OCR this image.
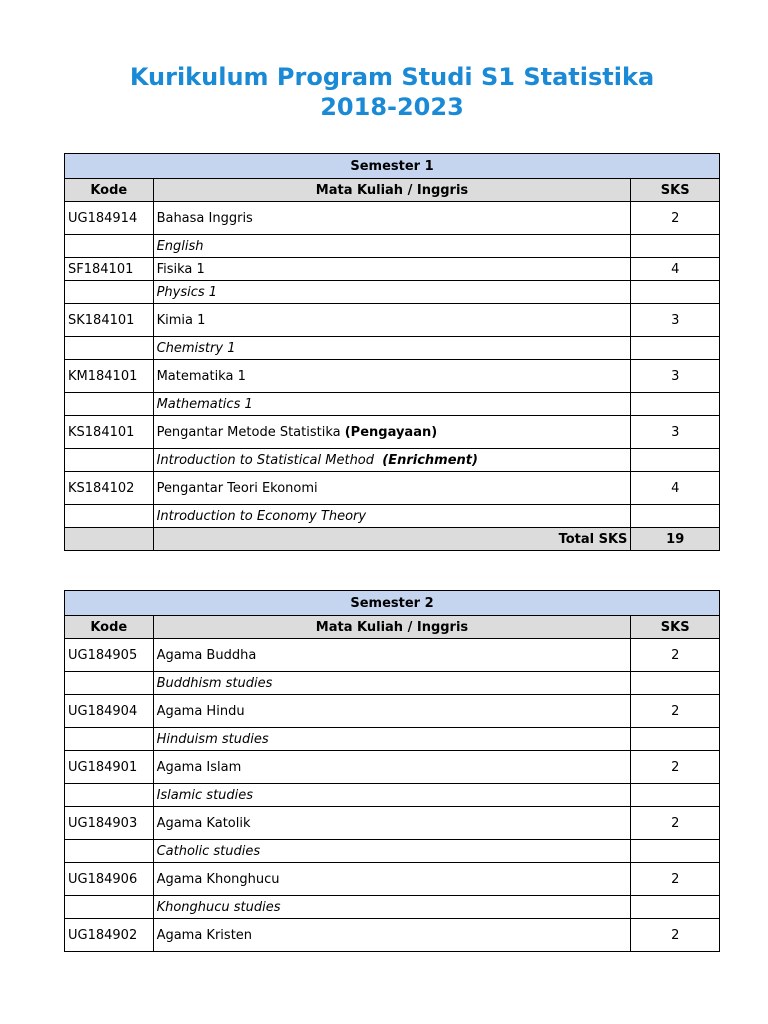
Kurikulum Program Studi S1 Statistika
2018-2023
Semester 1		
Kode	Mata Kuliah / Inggris	SKS
UG184914	Bahasa Inggris	2
	English	
SF184101	Fisika 1	4
	Physics 1	
SK184101	Kimia 1	3
	Chemistry 1	
KM184101	Matematika 1	3
	Mathematics 1	
KS184101	Pengantar Metode Statistika (Pengayaan)	3
	Introduction to Statistical Method (Enrichment)	
KS184102	Pengantar Teori Ekonomi	4
	Introduction to Economy Theory	
	Total SKS	19
Semester 2		
Kode	Mata Kuliah / Inggris	SKS
UG184905	Agama Buddha	2
	Buddhism studies	
UG184904	Agama Hindu	2
	Hinduism studies	
UG184901	Agama Islam	2
	Islamic studies	
UG184903	Agama Katolik	2
	Catholic studies	
UG184906	Agama Khonghucu	2
	Khonghucu studies	
UG184902	Agama Kristen	2
